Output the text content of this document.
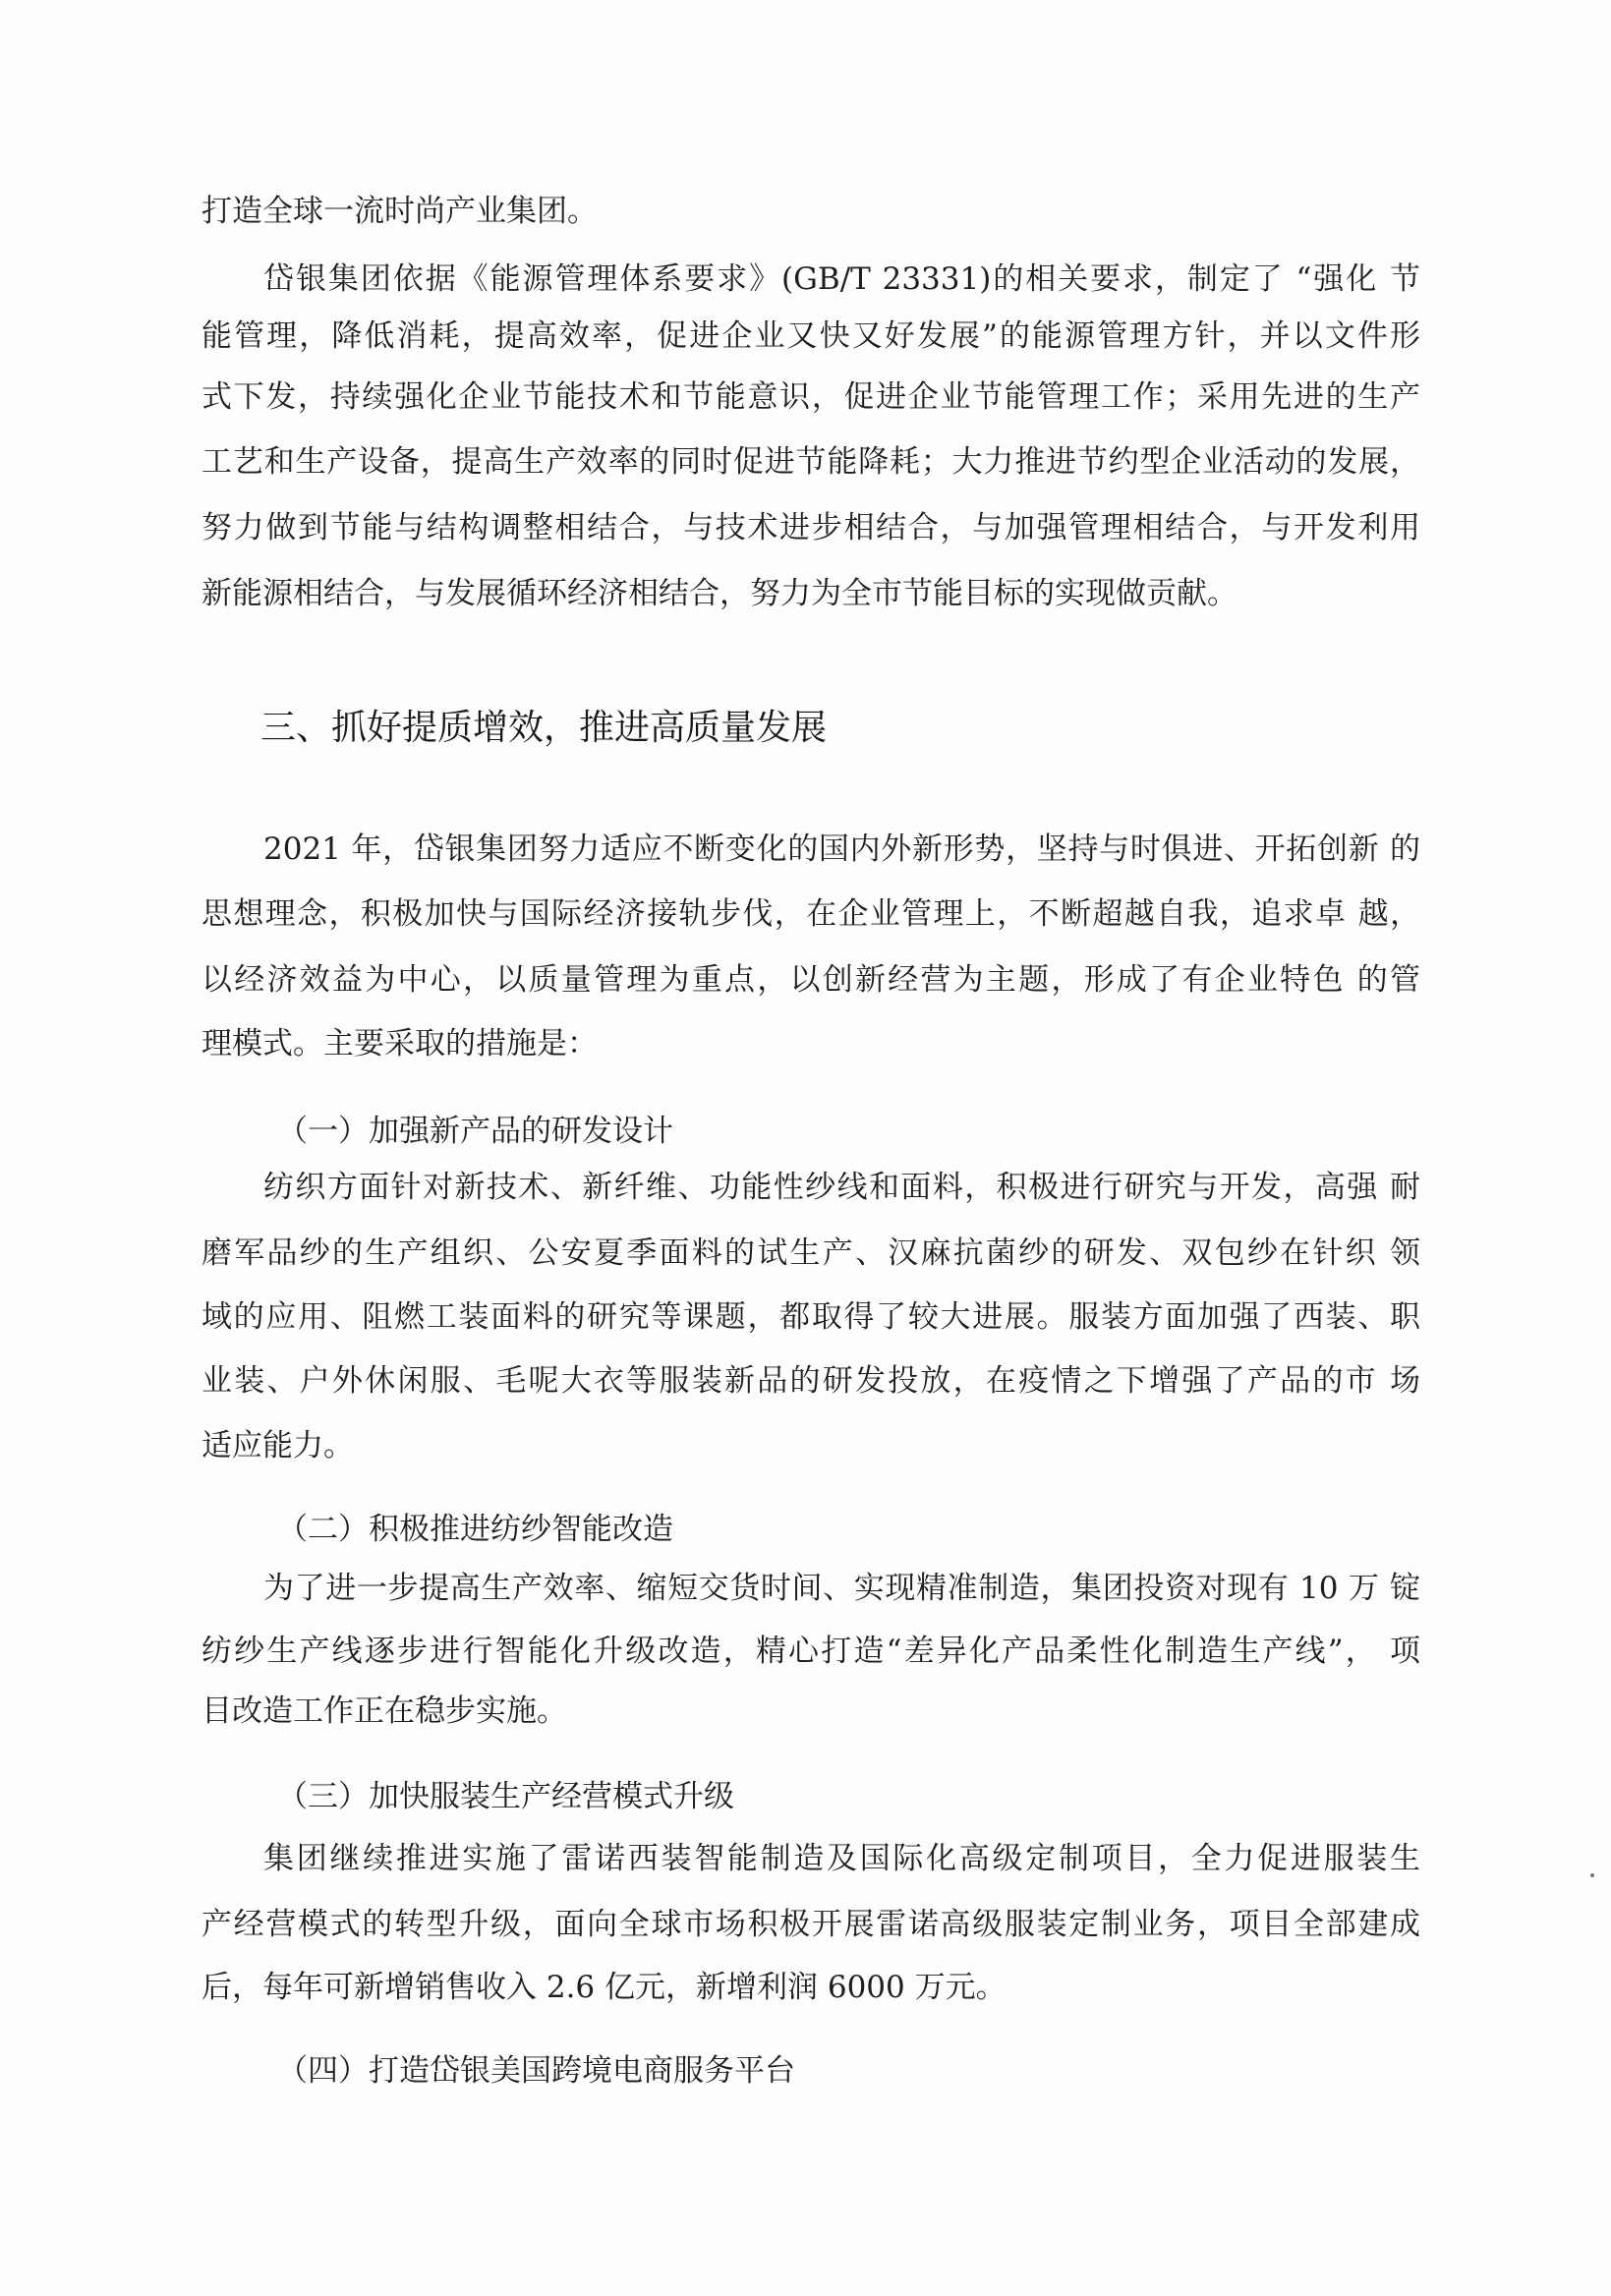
打造全球一流时尚产业集团。
岱银集团依据《能源管理体系要求》(GB/T 23331)的相关要求，制定了 “强化 节
能管理，降低消耗，提高效率，促进企业又快又好发展”的能源管理方针，并以文件形
式下发，持续强化企业节能技术和节能意识，促进企业节能管理工作；采用先进的生产
工艺和生产设备，提高生产效率的同时促进节能降耗；大力推进节约型企业活动的发展，
努力做到节能与结构调整相结合，与技术进步相结合，与加强管理相结合，与开发利用
新能源相结合，与发展循环经济相结合，努力为全市节能目标的实现做贡献。
三、抓好提质增效，推进高质量发展
2021 年，岱银集团努力适应不断变化的国内外新形势，坚持与时俱进、开拓创新 的
思想理念，积极加快与国际经济接轨步伐，在企业管理上，不断超越自我，追求卓 越，
以经济效益为中心，以质量管理为重点，以创新经营为主题，形成了有企业特色 的管
理模式。主要采取的措施是：
（一）加强新产品的研发设计
纺织方面针对新技术、新纤维、功能性纱线和面料，积极进行研究与开发，高强 耐
磨军品纱的生产组织、公安夏季面料的试生产、汉麻抗菌纱的研发、双包纱在针织 领
域的应用、阻燃工装面料的研究等课题，都取得了较大进展。服装方面加强了西装、职
业装、户外休闲服、毛呢大衣等服装新品的研发投放，在疫情之下增强了产品的市 场
适应能力。
（二）积极推进纺纱智能改造
为了进一步提高生产效率、缩短交货时间、实现精准制造，集团投资对现有 10 万 锭
纺纱生产线逐步进行智能化升级改造，精心打造“差异化产品柔性化制造生产线”， 项
目改造工作正在稳步实施。
（三）加快服装生产经营模式升级
集团继续推进实施了雷诺西装智能制造及国际化高级定制项目，全力促进服装生
产经营模式的转型升级，面向全球市场积极开展雷诺高级服装定制业务，项目全部建成
后，每年可新增销售收入 2.6 亿元，新增利润 6000 万元。
（四）打造岱银美国跨境电商服务平台
